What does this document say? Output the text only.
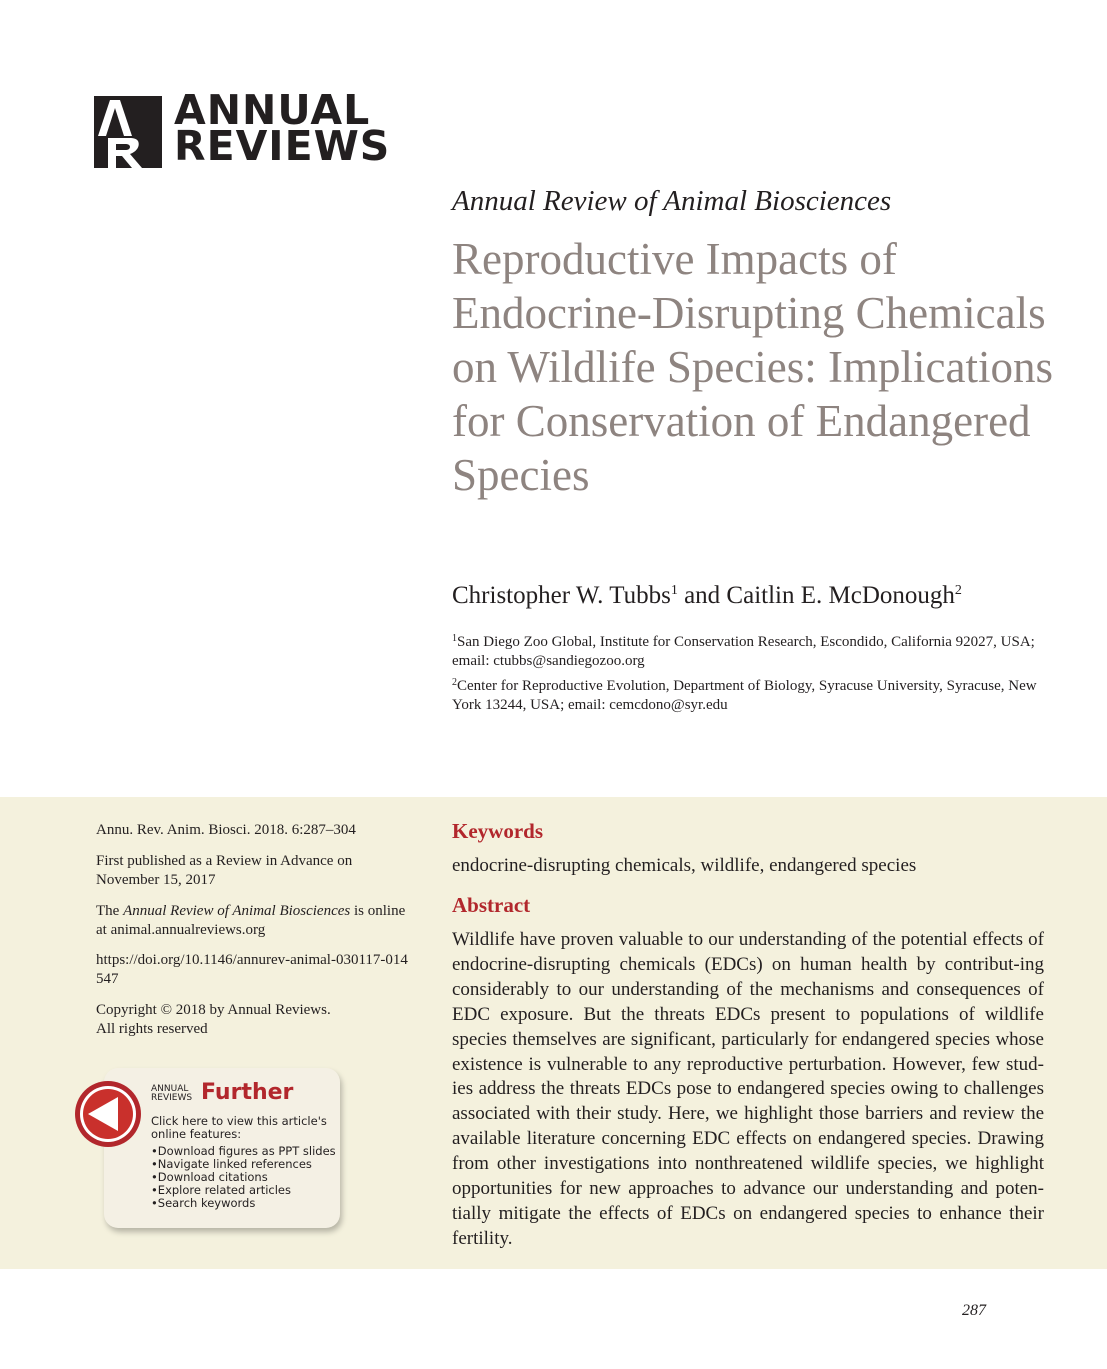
ANNUAL
REVIEWS
Annual Review of Animal Biosciences
Reproductive Impacts of Endocrine-Disrupting Chemicals on Wildlife Species: Implications for Conservation of Endangered Species
Christopher W. Tubbs$^1$ and Caitlin E. McDonough$^2$
$^1$San Diego Zoo Global, Institute for Conservation Research, Escondido, California 92027, USA; email: ctubbs@sandiegozoo.org
$^2$Center for Reproductive Evolution, Department of Biology, Syracuse University, Syracuse, New York 13244, USA; email: cemcdono@syr.edu
Annu. Rev. Anim. Biosci. 2018. 6:287–304
First published as a Review in Advance on November 15, 2017
The Annual Review of Animal Biosciences is online at animal.annualreviews.org
https://doi.org/10.1146/annurev-animal-030117-014547
Copyright © 2018 by Annual Reviews.
All rights reserved
ANNUAL
REVIEWS Further
Click here to view this article's online features:
• Download figures as PPT slides
• Navigate linked references
• Download citations
• Explore related articles
• Search keywords
Keywords
endocrine-disrupting chemicals, wildlife, endangered species
Abstract
Wildlife have proven valuable to our understanding of the potential effects of endocrine-disrupting chemicals (EDCs) on human health by contribut-ing considerably to our understanding of the mechanisms and consequences of EDC exposure. But the threats EDCs present to populations of wildlife species themselves are significant, particularly for endangered species whose existence is vulnerable to any reproductive perturbation. However, few stud-ies address the threats EDCs pose to endangered species owing to challenges associated with their study. Here, we highlight those barriers and review the available literature concerning EDC effects on endangered species. Drawing from other investigations into nonthreatened wildlife species, we highlight opportunities for new approaches to advance our understanding and poten-tially mitigate the effects of EDCs on endangered species to enhance their fertility.
287
